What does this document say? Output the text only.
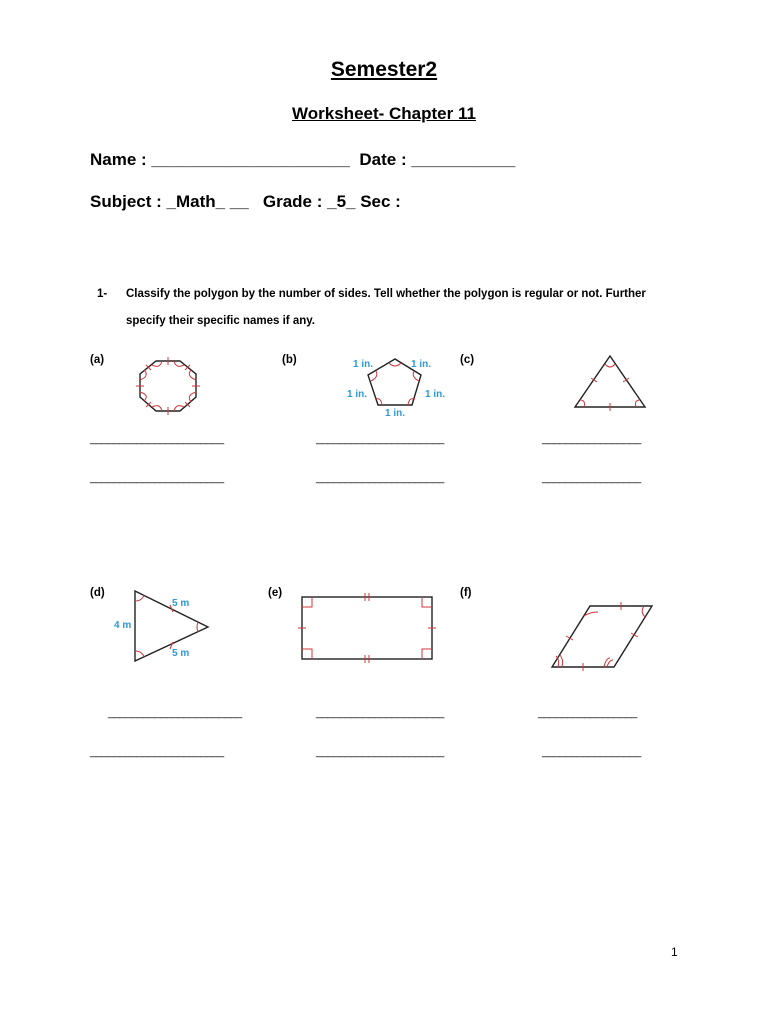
Semester2
Worksheet- Chapter 11
Name : _____________________  Date : ___________
Subject : _Math_ __   Grade : _5_ Sec :
1- Classify the polygon by the number of sides. Tell whether the polygon is regular or not. Further
specify their specific names if any.
(a)	(b)	(c)
1 in.	1 in.
1 in.	1 in.
1 in.
_______________________	______________________	_________________
_______________________	______________________	_________________
(d)	(e)	(f)
5 m
4 m
5 m
_______________________	______________________	_________________
_______________________	______________________	_________________
1
